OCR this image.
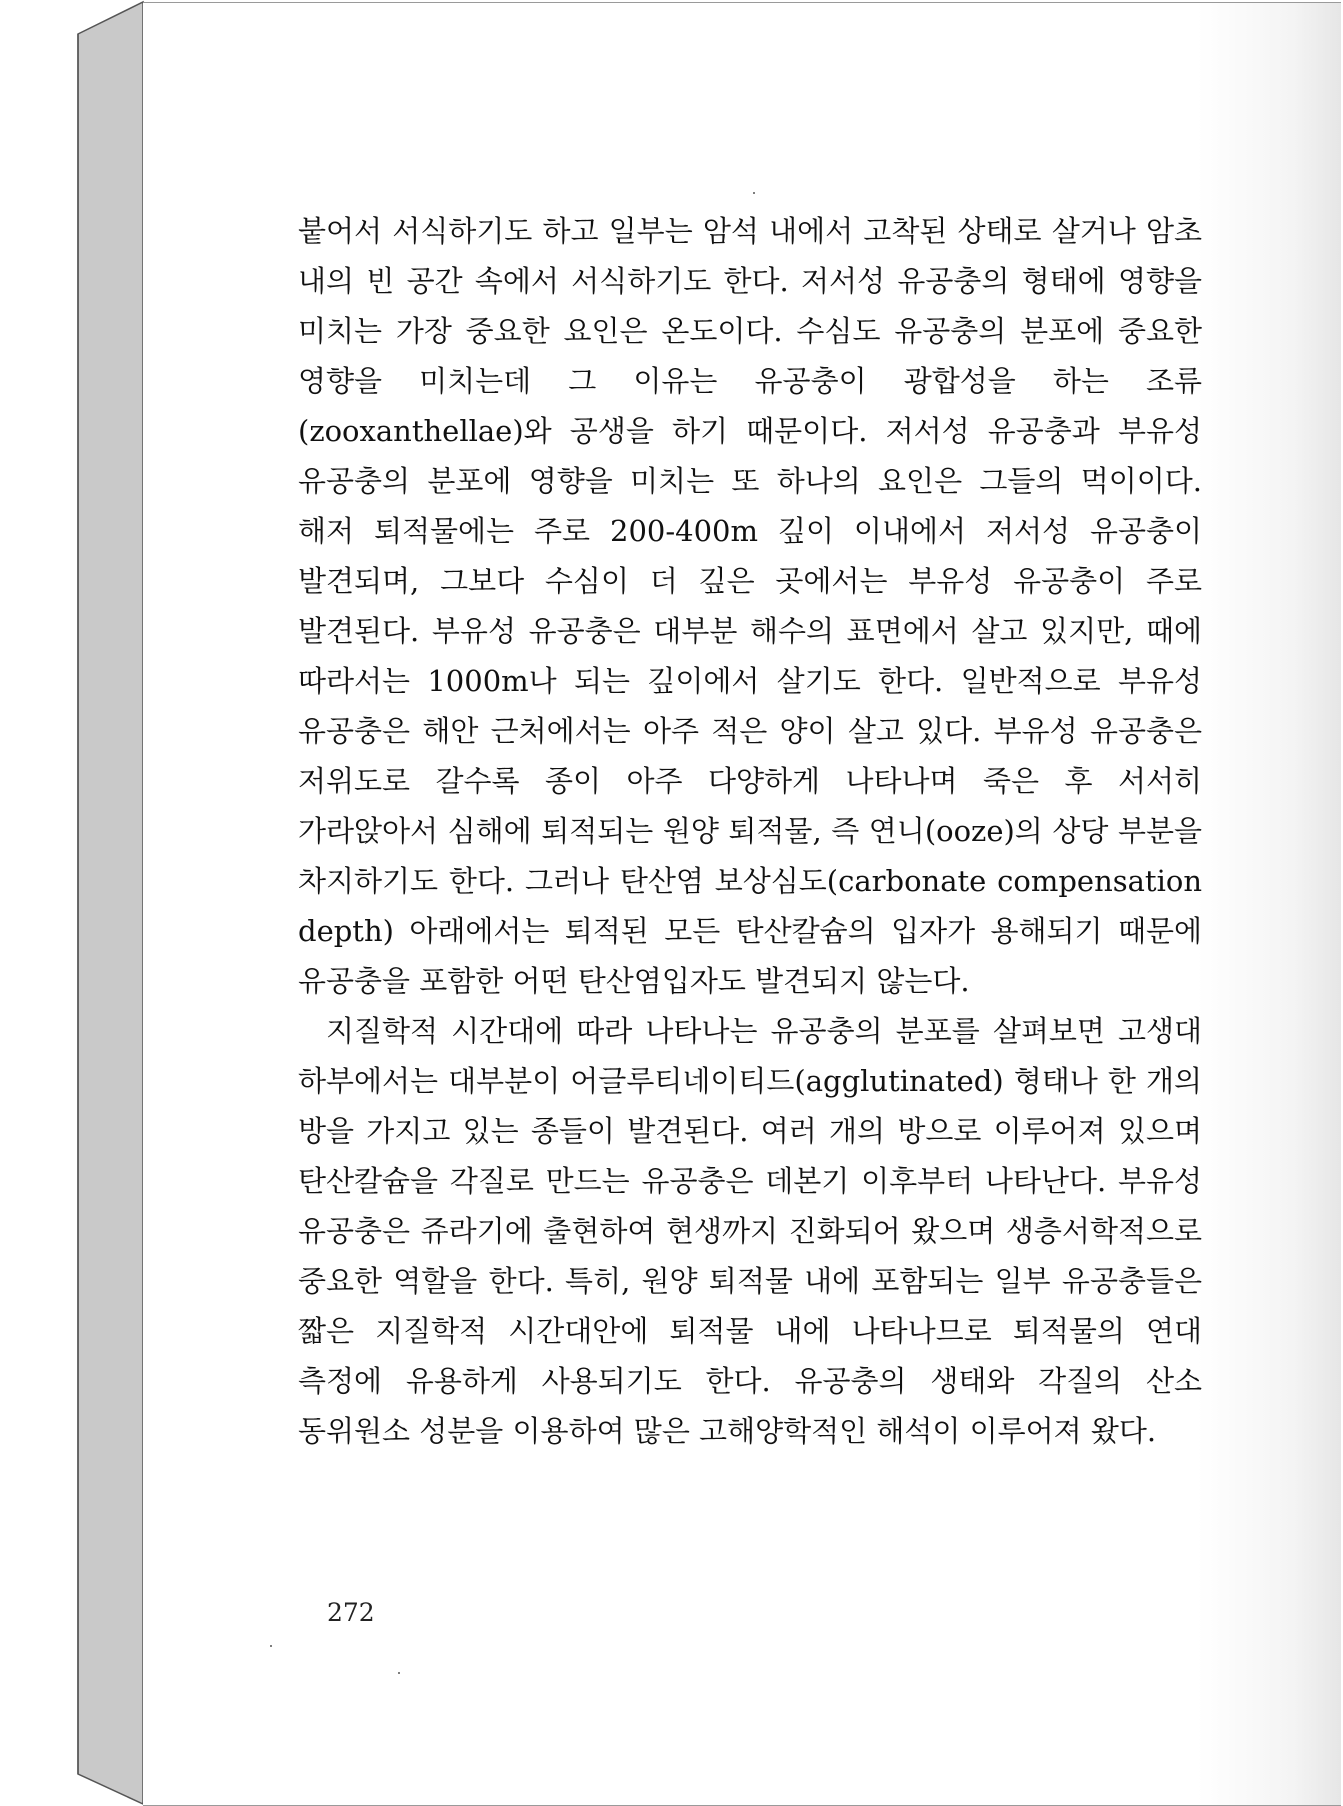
붙어서 서식하기도 하고 일부는 암석 내에서 고착된 상태로 살거나 암초 내의 빈 공간 속에서 서식하기도 한다. 저서성 유공충의 형태에 영향을 미치는 가장 중요한 요인은 온도이다. 수심도 유공충의 분포에 중요한 영향을 미치는데 그 이유는 유공충이 광합성을 하는 조류(zooxanthellae)와 공생을 하기 때문이다. 저서성 유공충과 부유성 유공충의 분포에 영향을 미치는 또 하나의 요인은 그들의 먹이이다. 해저 퇴적물에는 주로 200-400m 깊이 이내에서 저서성 유공충이 발견되며, 그보다 수심이 더 깊은 곳에서는 부유성 유공충이 주로 발견된다. 부유성 유공충은 대부분 해수의 표면에서 살고 있지만, 때에 따라서는 1000m나 되는 깊이에서 살기도 한다. 일반적으로 부유성 유공충은 해안 근처에서는 아주 적은 양이 살고 있다. 부유성 유공충은 저위도로 갈수록 종이 아주 다양하게 나타나며 죽은 후 서서히 가라앉아서 심해에 퇴적되는 원양 퇴적물, 즉 연니(ooze)의 상당 부분을 차지하기도 한다. 그러나 탄산염 보상심도(carbonate compensation depth) 아래에서는 퇴적된 모든 탄산칼슘의 입자가 용해되기 때문에 유공충을 포함한 어떤 탄산염입자도 발견되지 않는다.

지질학적 시간대에 따라 나타나는 유공충의 분포를 살펴보면 고생대 하부에서는 대부분이 어글루티네이티드(agglutinated) 형태나 한 개의 방을 가지고 있는 종들이 발견된다. 여러 개의 방으로 이루어져 있으며 탄산칼슘을 각질로 만드는 유공충은 데본기 이후부터 나타난다. 부유성 유공충은 쥬라기에 출현하여 현생까지 진화되어 왔으며 생층서학적으로 중요한 역할을 한다. 특히, 원양 퇴적물 내에 포함되는 일부 유공충들은 짧은 지질학적 시간대안에 퇴적물 내에 나타나므로 퇴적물의 연대 측정에 유용하게 사용되기도 한다. 유공충의 생태와 각질의 산소 동위원소 성분을 이용하여 많은 고해양학적인 해석이 이루어져 왔다.

272
